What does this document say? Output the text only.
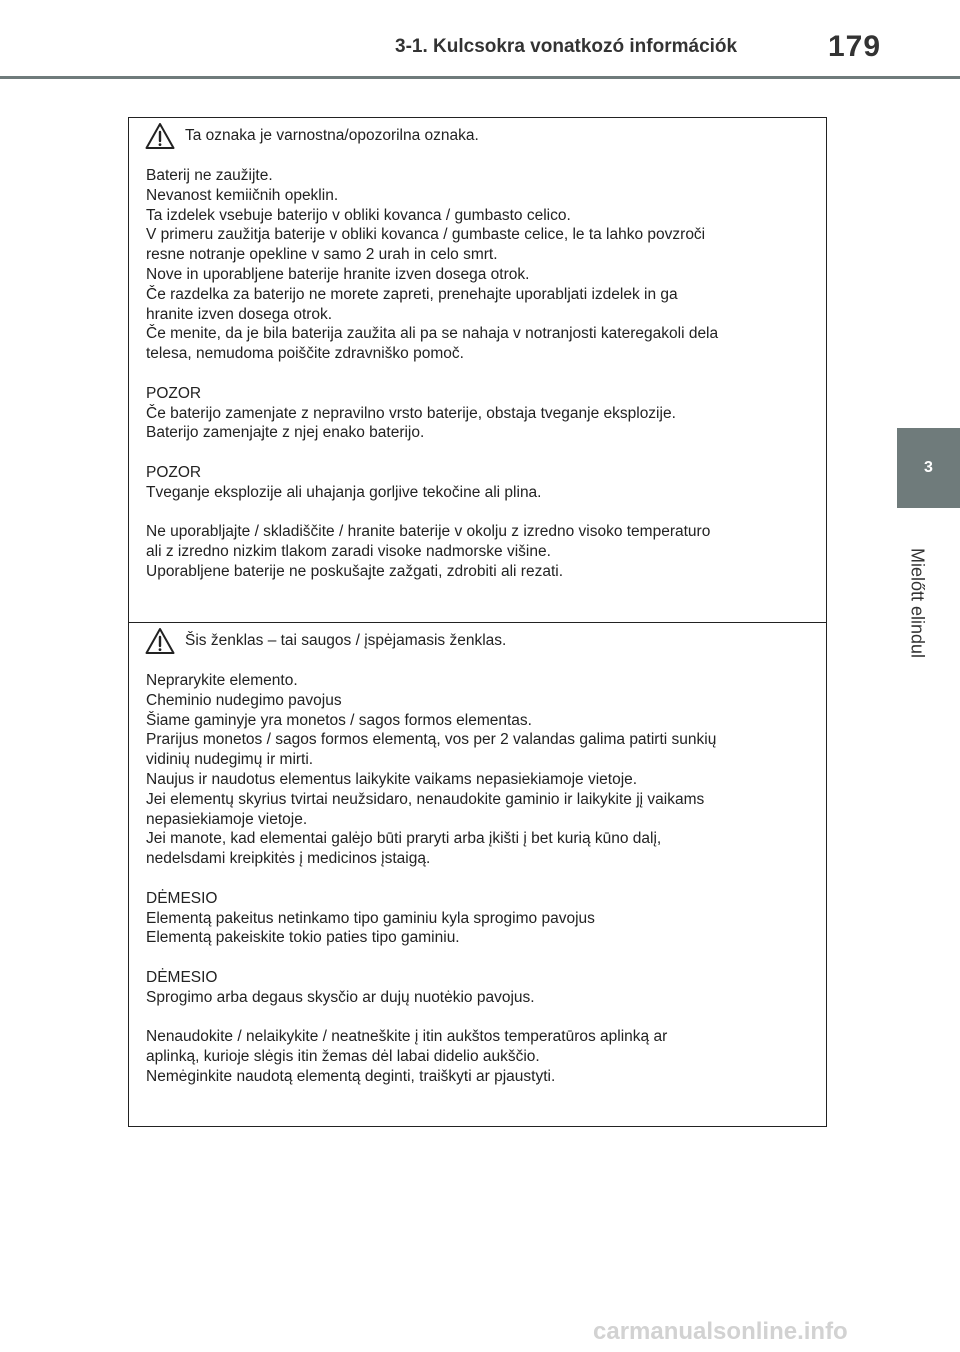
3-1. Kulcsokra vonatkozó információk	179
3
Mielőtt elindul
Ta oznaka je varnostna/opozorilna oznaka.
Baterij ne zaužijte.
Nevanost kemiičnih opeklin.
Ta izdelek vsebuje baterijo v obliki kovanca / gumbasto celico.
V primeru zaužitja baterije v obliki kovanca / gumbaste celice, le ta lahko povzroči
resne notranje opekline v samo 2 urah in celo smrt.
Nove in uporabljene baterije hranite izven dosega otrok.
Če razdelka za baterijo ne morete zapreti, prenehajte uporabljati izdelek in ga
hranite izven dosega otrok.
Če menite, da je bila baterija zaužita ali pa se nahaja v notranjosti kateregakoli dela
telesa, nemudoma poiščite zdravniško pomoč.
POZOR
Če baterijo zamenjate z nepravilno vrsto baterije, obstaja tveganje eksplozije.
Baterijo zamenjajte z njej enako baterijo.
POZOR
Tveganje eksplozije ali uhajanja gorljive tekočine ali plina.
Ne uporabljajte / skladiščite / hranite baterije v okolju z izredno visoko temperaturo
ali z izredno nizkim tlakom zaradi visoke nadmorske višine.
Uporabljene baterije ne poskušajte zažgati, zdrobiti ali rezati.
Šis ženklas – tai saugos / įspėjamasis ženklas.
Neprarykite elemento.
Cheminio nudegimo pavojus
Šiame gaminyje yra monetos / sagos formos elementas.
Prarijus monetos / sagos formos elementą, vos per 2 valandas galima patirti sunkių
vidinių nudegimų ir mirti.
Naujus ir naudotus elementus laikykite vaikams nepasiekiamoje vietoje.
Jei elementų skyrius tvirtai neužsidaro, nenaudokite gaminio ir laikykite jį vaikams
nepasiekiamoje vietoje.
Jei manote, kad elementai galėjo būti praryti arba įkišti į bet kurią kūno dalį,
nedelsdami kreipkitės į medicinos įstaigą.
DĖMESIO
Elementą pakeitus netinkamo tipo gaminiu kyla sprogimo pavojus
Elementą pakeiskite tokio paties tipo gaminiu.
DĖMESIO
Sprogimo arba degaus skysčio ar dujų nuotėkio pavojus.
Nenaudokite / nelaikykite / neatneškite į itin aukštos temperatūros aplinką ar
aplinką, kurioje slėgis itin žemas dėl labai didelio aukščio.
Nemėginkite naudotą elementą deginti, traiškyti ar pjaustyti.
carmanualsonline.info
